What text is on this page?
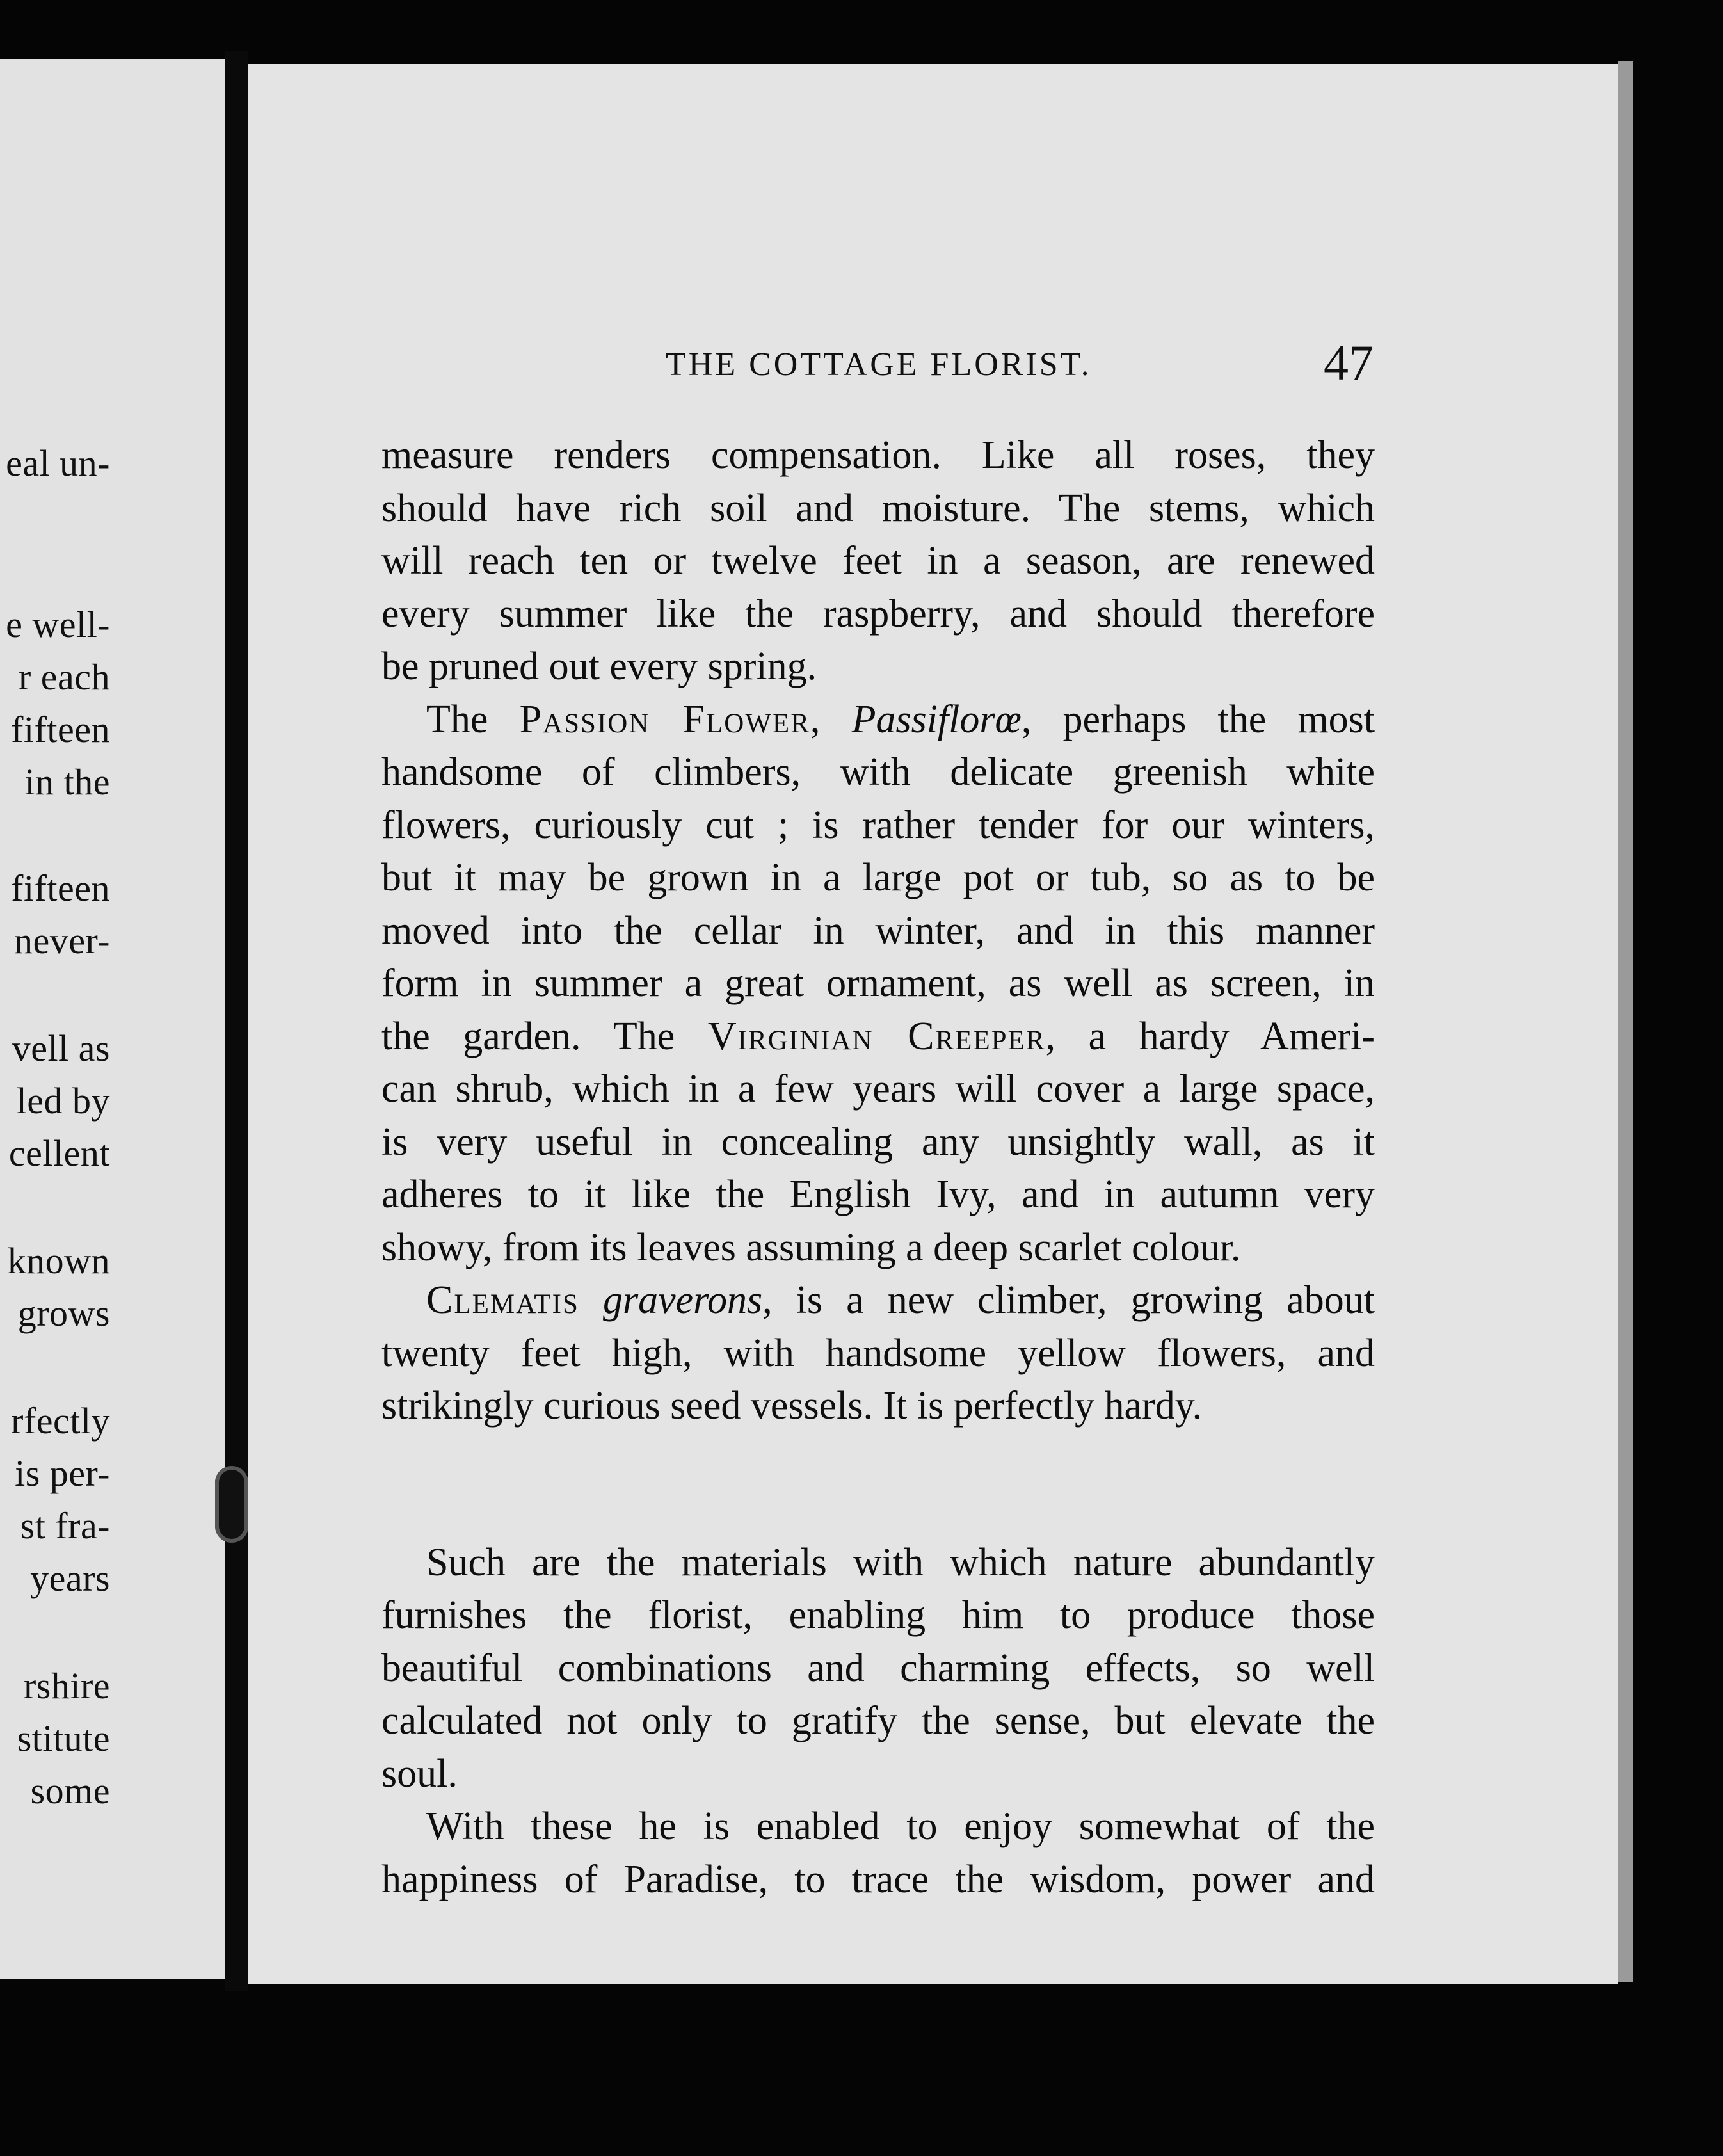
eal un-
e well-
r each
fifteen
in the
fifteen
never-
vell as
led by
cellent
known
grows
rfectly
is per-
st fra-
years
rshire
stitute
some
THE COTTAGE FLORIST.	47
measure renders compensation. Like all roses, they
should have rich soil and moisture. The stems, which
will reach ten or twelve feet in a season, are renewed
every summer like the raspberry, and should therefore
be pruned out every spring.
The Passion Flower, Passiflorœ, perhaps the most
handsome of climbers, with delicate greenish white
flowers, curiously cut ; is rather tender for our winters,
but it may be grown in a large pot or tub, so as to be
moved into the cellar in winter, and in this manner
form in summer a great ornament, as well as screen, in
the garden. The Virginian Creeper, a hardy Ameri-
can shrub, which in a few years will cover a large space,
is very useful in concealing any unsightly wall, as it
adheres to it like the English Ivy, and in autumn very
showy, from its leaves assuming a deep scarlet colour.
Clematis graverons, is a new climber, growing about
twenty feet high, with handsome yellow flowers, and
strikingly curious seed vessels. It is perfectly hardy.
Such are the materials with which nature abundantly
furnishes the florist, enabling him to produce those
beautiful combinations and charming effects, so well
calculated not only to gratify the sense, but elevate the
soul.
With these he is enabled to enjoy somewhat of the
happiness of Paradise, to trace the wisdom, power and
